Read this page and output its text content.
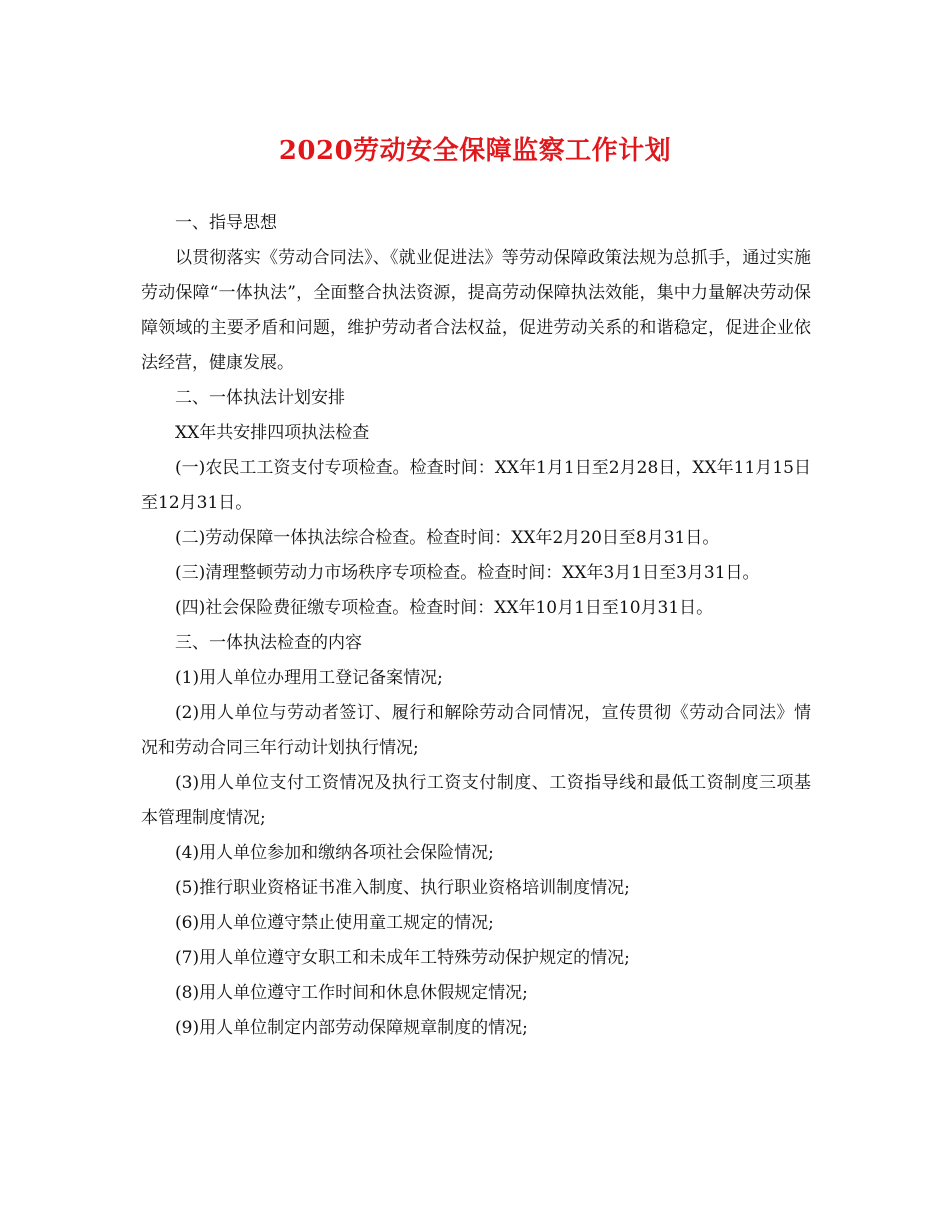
2020劳动安全保障监察工作计划

一、指导思想

以贯彻落实《劳动合同法》、《就业促进法》等劳动保障政策法规为总抓手，通过实施劳动保障“一体执法”，全面整合执法资源，提高劳动保障执法效能，集中力量解决劳动保障领域的主要矛盾和问题，维护劳动者合法权益，促进劳动关系的和谐稳定，促进企业依法经营，健康发展。

二、一体执法计划安排

XX年共安排四项执法检查

(一)农民工工资支付专项检查。检查时间：XX年1月1日至2月28日，XX年11月15日至12月31日。

(二)劳动保障一体执法综合检查。检查时间：XX年2月20日至8月31日。

(三)清理整顿劳动力市场秩序专项检查。检查时间：XX年3月1日至3月31日。

(四)社会保险费征缴专项检查。检查时间：XX年10月1日至10月31日。

三、一体执法检查的内容

(1)用人单位办理用工登记备案情况;

(2)用人单位与劳动者签订、履行和解除劳动合同情况，宣传贯彻《劳动合同法》情况和劳动合同三年行动计划执行情况;

(3)用人单位支付工资情况及执行工资支付制度、工资指导线和最低工资制度三项基本管理制度情况;

(4)用人单位参加和缴纳各项社会保险情况;

(5)推行职业资格证书准入制度、执行职业资格培训制度情况;

(6)用人单位遵守禁止使用童工规定的情况;

(7)用人单位遵守女职工和未成年工特殊劳动保护规定的情况;

(8)用人单位遵守工作时间和休息休假规定情况;

(9)用人单位制定内部劳动保障规章制度的情况;
